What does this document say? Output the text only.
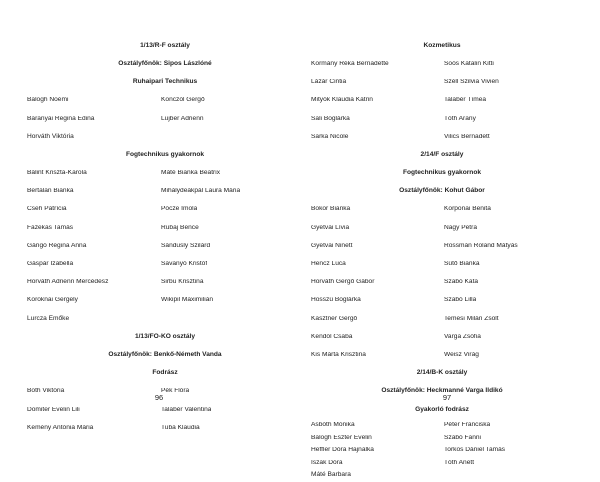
1/13/R-F osztály
Osztályfőnök: Sipos Lászlóné
Ruhaipari Technikus
Balogh Noémi	Konczól Gergő
Baranyai Regina Edina	Lujber Adrienn
Horváth Viktória
Fogtechnikus gyakornok
Bálint Kriszta-Karola	Máté Bianka Beatrix
Bertalan Bianka	Mihálydeákpál Laura Mária
Cseh Patrícia	Pócze Imola
Fazekas Tamás	Rubaj Bence
Gángó Regina Anna	Sándusly Szilárd
Gáspár Izabella	Savanyó Kristóf
Horváth Adrienn Mercédesz	Sirbu Krisztina
Koroknai Gergely	Wikipil Maximilián
Lurcza Emőke
1/13/FO-KO osztály
Osztályfőnök: Benkő-Németh Vanda
Fodrász
Both Viktória	Pék Flóra
Domiter Evelin Lili	Talabér Valentina
Kemény Antónia Mária	Tuba Klaudia
96
Kozmetikus
Kormány Réka Bernadette	Soós Katalin Kitti
Lázár Cintia	Széll Szilvia Vivien
Mityók Klaudia Katrin	Talabér Tímea
Sali Boglárka	Tóth Arany
Sarka Nicole	Vilics Bernadett
2/14/F osztály
Fogtechnikus gyakornok
Osztályfőnök: Kohut Gábor
Bokor Bianka	Korponai Benita
Gyetvai Lívia	Nagy Petra
Gyetvai Ninett	Rossmán Roland Mátyás
Hencz Luca	Sütő Bianka
Horváth Gergő Gábor	Szabó Kata
Hosszú Boglárka	Szabó Lilla
Kasztner Gergő	Temesi Milán Zsolt
Kendöl Csaba	Varga Zsófia
Kis Márta Krisztina	Weisz Virág
2/14/B-K osztály
Osztályfőnök: Heckmanné Varga Ildikó
Gyakorló fodrász
Asbóth Mónika	Péter Franciska
Balogh Eszter Evelin	Szabó Fanni
Heffler Dóra Hajnalka	Torkos Dániel Tamás
Iszak Dóra	Tóth Anett
Máté Barbara
97
